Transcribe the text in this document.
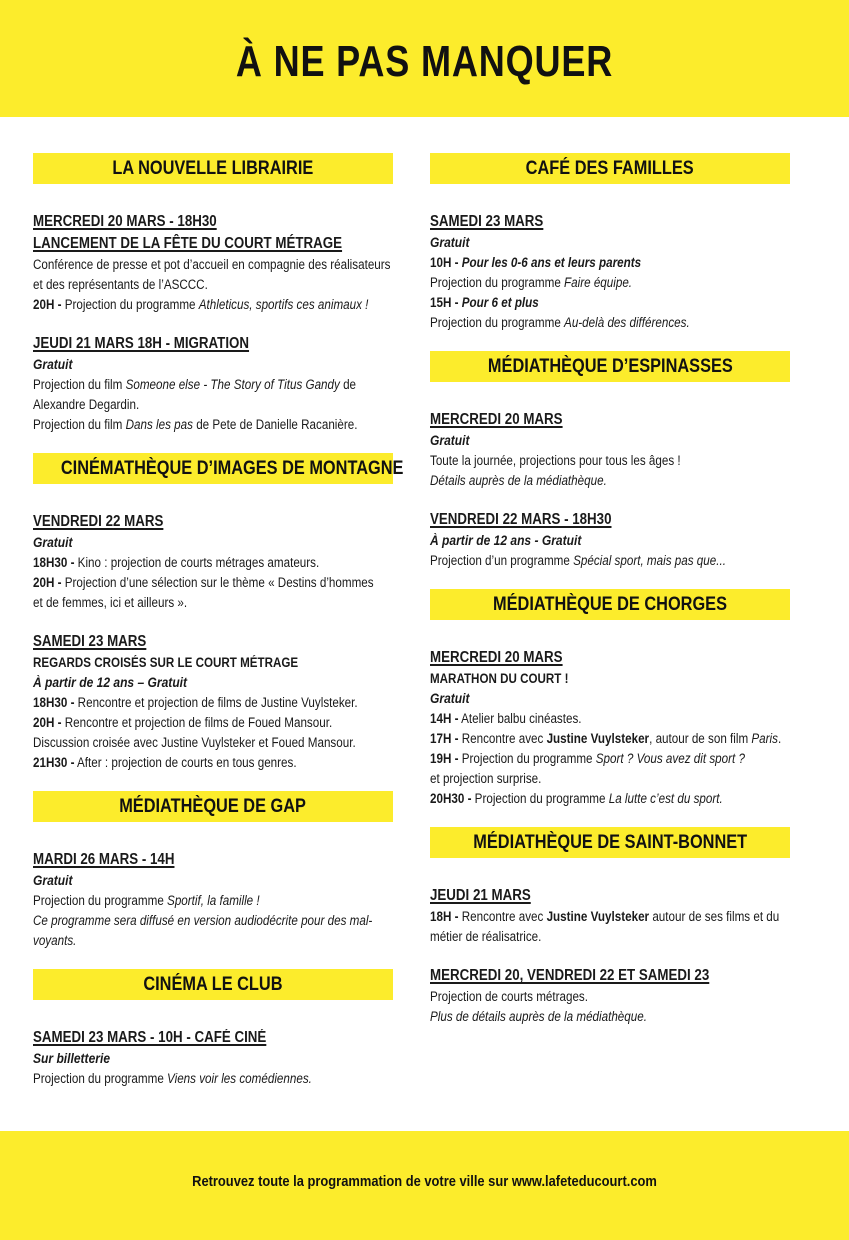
À NE PAS MANQUER
LA NOUVELLE LIBRAIRIE
MERCREDI 20 MARS - 18H30
LANCEMENT DE LA FÊTE DU COURT MÉTRAGE
Conférence de presse et pot d’accueil en compagnie des réalisateurs
et des représentants de l’ASCCC.
20H - Projection du programme Athleticus, sportifs ces animaux !
JEUDI 21 MARS 18H - MIGRATION
Gratuit
Projection du film Someone else - The Story of Titus Gandy de
Alexandre Degardin.
Projection du film Dans les pas de Pete de Danielle Racanière.
CINÉMATHÈQUE D’IMAGES DE MONTAGNE
VENDREDI 22 MARS
Gratuit
18H30 - Kino : projection de courts métrages amateurs.
20H - Projection d’une sélection sur le thème « Destins d’hommes
et de femmes, ici et ailleurs ».
SAMEDI 23 MARS
REGARDS CROISÉS SUR LE COURT MÉTRAGE
À partir de 12 ans – Gratuit
18H30 - Rencontre et projection de films de Justine Vuylsteker.
20H - Rencontre et projection de films de Foued Mansour.
Discussion croisée avec Justine Vuylsteker et Foued Mansour.
21H30 - After : projection de courts en tous genres.
MÉDIATHÈQUE DE GAP
MARDI 26 MARS - 14H
Gratuit
Projection du programme Sportif, la famille !
Ce programme sera diffusé en version audiodécrite pour des mal-
voyants.
CINÉMA LE CLUB
SAMEDI 23 MARS - 10H - CAFÉ CINÉ
Sur billetterie
Projection du programme Viens voir les comédiennes.
CAFÉ DES FAMILLES
SAMEDI 23 MARS
Gratuit
10H - Pour les 0-6 ans et leurs parents
Projection du programme Faire équipe.
15H - Pour 6 et plus
Projection du programme Au-delà des différences.
MÉDIATHÈQUE D’ESPINASSES
MERCREDI 20 MARS
Gratuit
Toute la journée, projections pour tous les âges !
Détails auprès de la médiathèque.
VENDREDI 22 MARS - 18H30
À partir de 12 ans - Gratuit
Projection d’un programme Spécial sport, mais pas que...
MÉDIATHÈQUE DE CHORGES
MERCREDI 20 MARS
MARATHON DU COURT !
Gratuit
14H - Atelier balbu cinéastes.
17H - Rencontre avec Justine Vuylsteker, autour de son film Paris.
19H - Projection du programme Sport ? Vous avez dit sport ?
et projection surprise.
20H30 - Projection du programme La lutte c’est du sport.
MÉDIATHÈQUE DE SAINT-BONNET
JEUDI 21 MARS
18H - Rencontre avec Justine Vuylsteker autour de ses films et du
métier de réalisatrice.
MERCREDI 20, VENDREDI 22 ET SAMEDI 23
Projection de courts métrages.
Plus de détails auprès de la médiathèque.

Retrouvez toute la programmation de votre ville sur www.lafeteducourt.com
